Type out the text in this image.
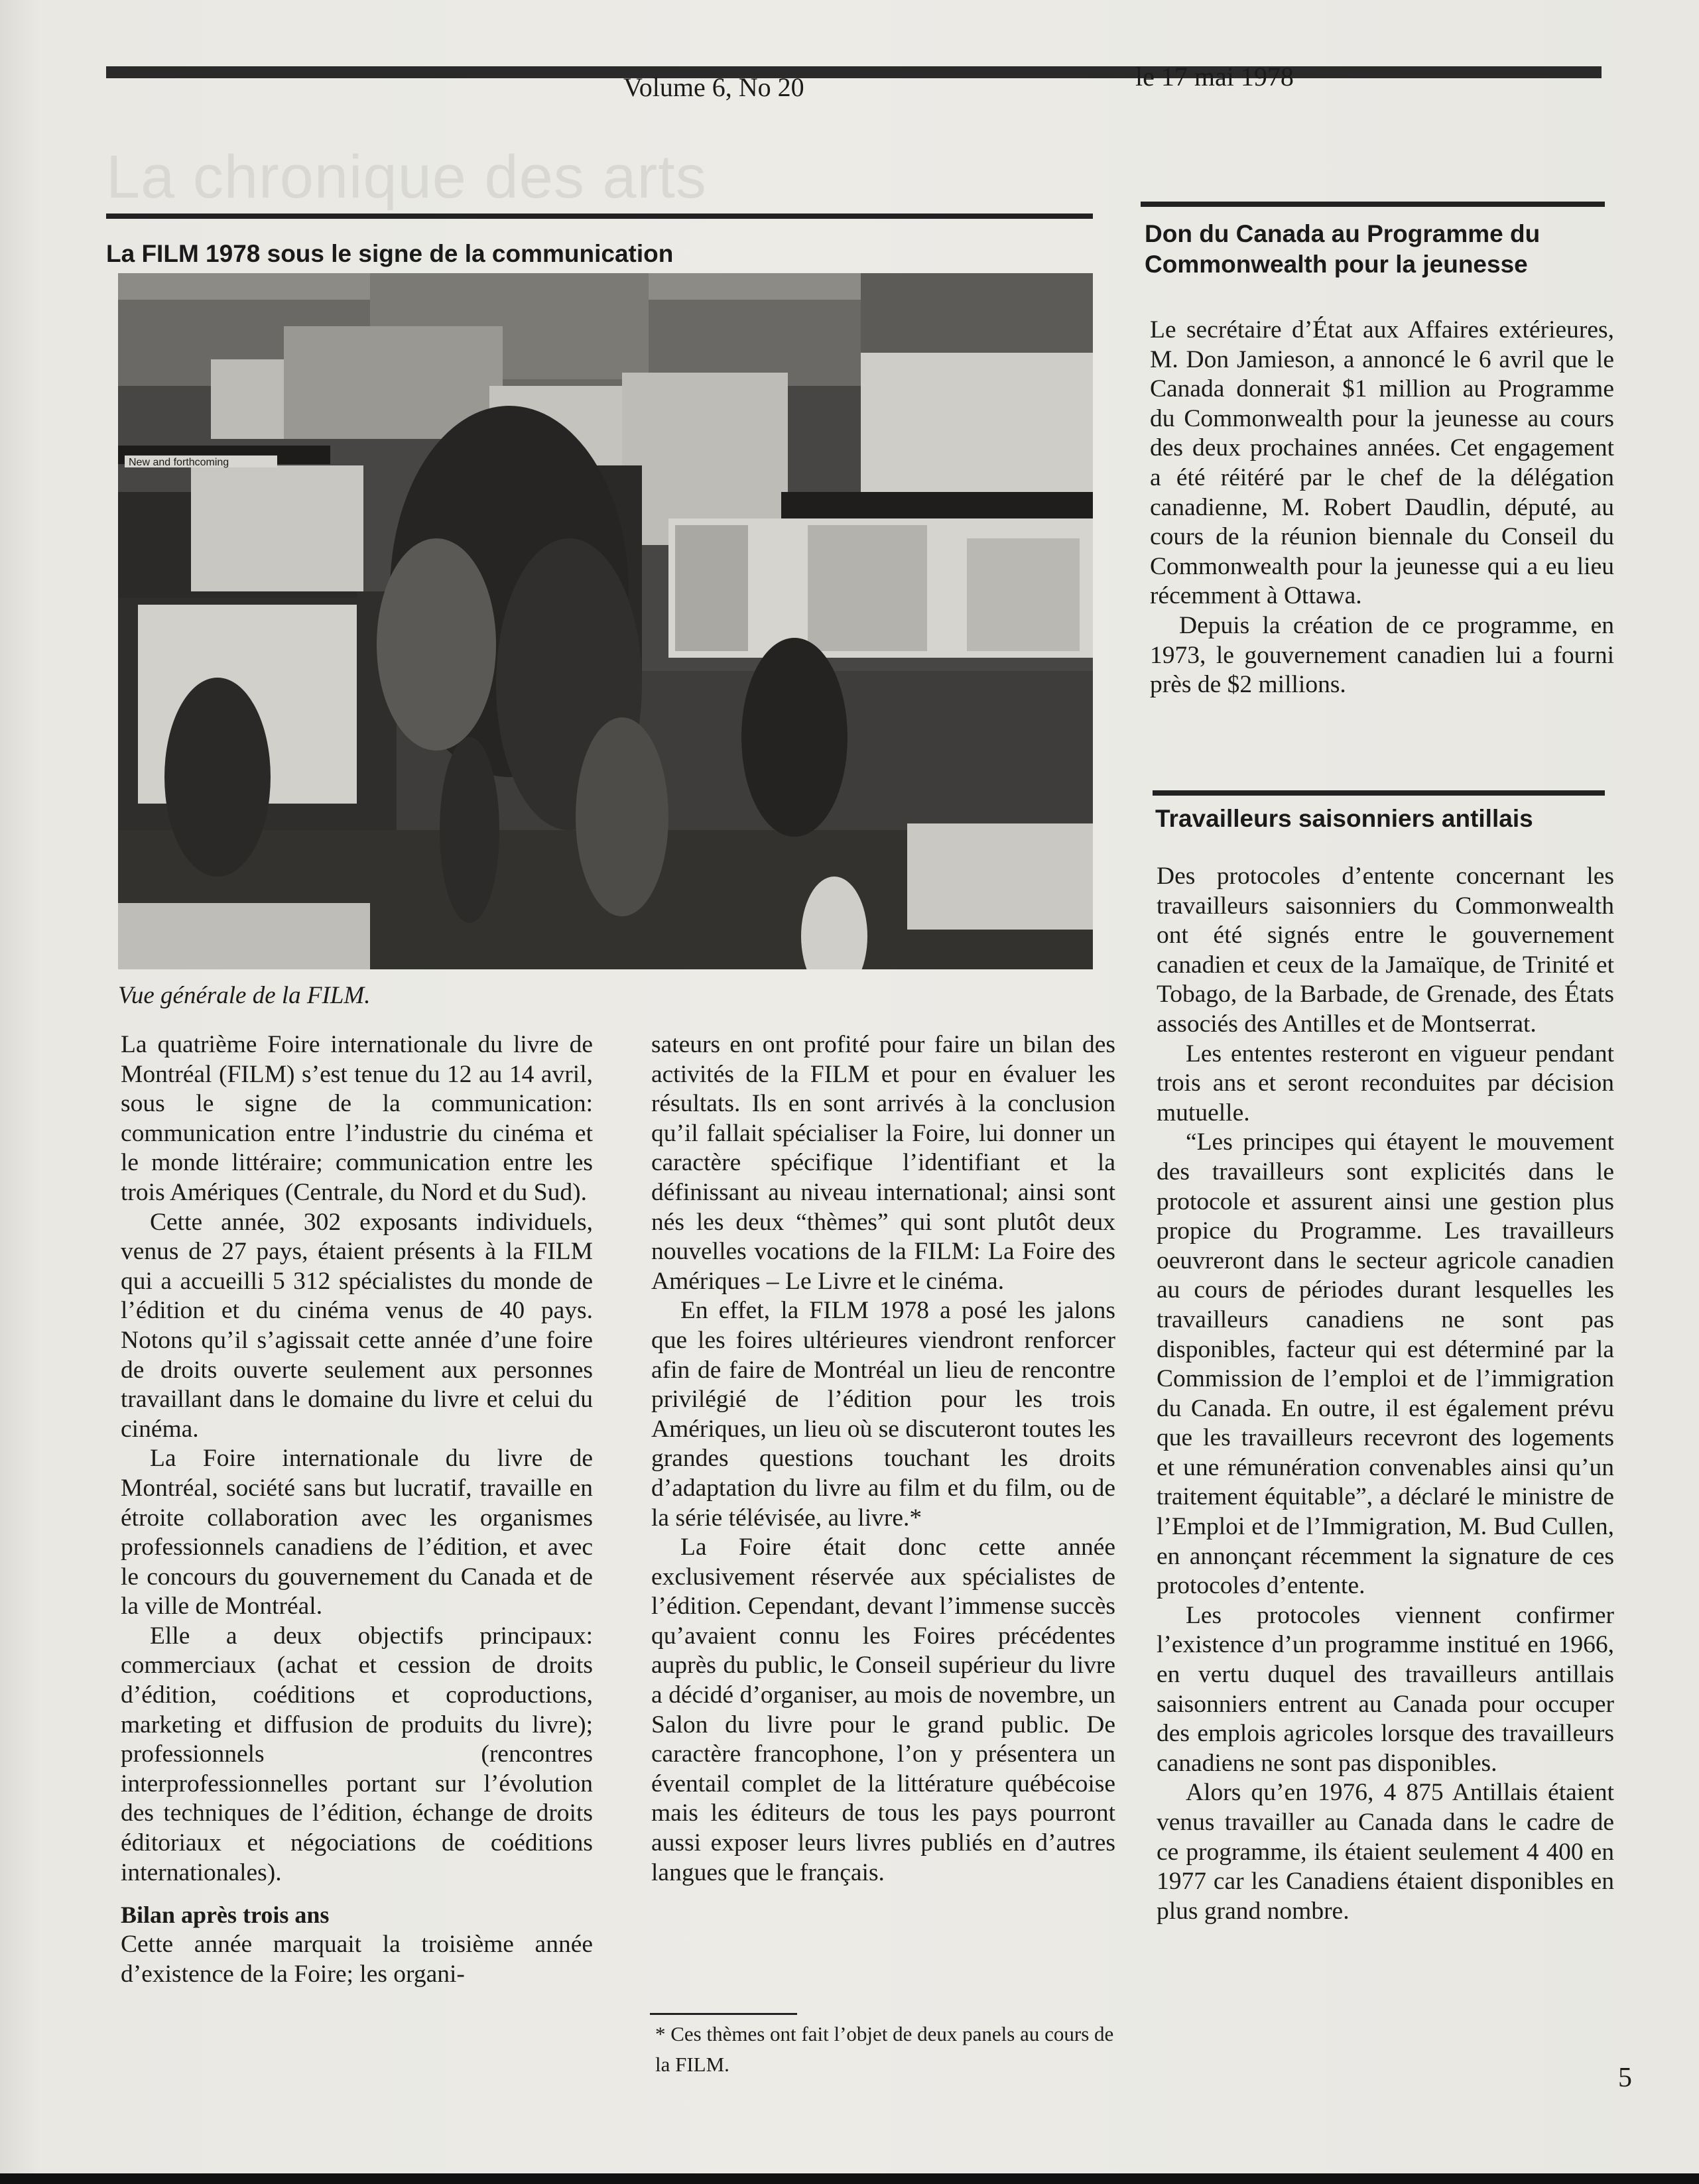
Volume 6, No 20	le 17 mai 1978
La chronique des arts
La FILM 1978 sous le signe de la communication
New and forthcoming
Vue générale de la FILM.

La quatrième Foire internationale du livre de Montréal (FILM) s’est tenue du 12 au 14 avril, sous le signe de la communication: communication entre l’industrie du cinéma et le monde littéraire; communication entre les trois Amériques (Centrale, du Nord et du Sud).

Cette année, 302 exposants individuels, venus de 27 pays, étaient présents à la FILM qui a accueilli 5 312 spécialistes du monde de l’édition et du cinéma venus de 40 pays. Notons qu’il s’agissait cette année d’une foire de droits ouverte seulement aux personnes travaillant dans le domaine du livre et celui du cinéma.

La Foire internationale du livre de Montréal, société sans but lucratif, travaille en étroite collaboration avec les organismes professionnels canadiens de l’édition, et avec le concours du gouvernement du Canada et de la ville de Montréal.

Elle a deux objectifs principaux: commerciaux (achat et cession de droits d’édition, coéditions et coproductions, marketing et diffusion de produits du livre); professionnels (rencontres interprofessionnelles portant sur l’évolution des techniques de l’édition, échange de droits éditoriaux et négociations de coéditions internationales).

Bilan après trois ans

Cette année marquait la troisième année d’existence de la Foire; les organi-

sateurs en ont profité pour faire un bilan des activités de la FILM et pour en évaluer les résultats. Ils en sont arrivés à la conclusion qu’il fallait spécialiser la Foire, lui donner un caractère spécifique l’identifiant et la définissant au niveau international; ainsi sont nés les deux “thèmes” qui sont plutôt deux nouvelles vocations de la FILM: La Foire des Amériques – Le Livre et le cinéma.

En effet, la FILM 1978 a posé les jalons que les foires ultérieures viendront renforcer afin de faire de Montréal un lieu de rencontre privilégié de l’édition pour les trois Amériques, un lieu où se discuteront toutes les grandes questions touchant les droits d’adaptation du livre au film et du film, ou de la série télévisée, au livre.*

La Foire était donc cette année exclusivement réservée aux spécialistes de l’édition. Cependant, devant l’immense succès qu’avaient connu les Foires précédentes auprès du public, le Conseil supérieur du livre a décidé d’organiser, au mois de novembre, un Salon du livre pour le grand public. De caractère francophone, l’on y présentera un éventail complet de la littérature québécoise mais les éditeurs de tous les pays pourront aussi exposer leurs livres publiés en d’autres langues que le français.

* Ces thèmes ont fait l’objet de deux panels au cours de la FILM.
Don du Canada au Programme du
Commonwealth pour la jeunesse

Le secrétaire d’État aux Affaires extérieures, M. Don Jamieson, a annoncé le 6 avril que le Canada donnerait $1 million au Programme du Commonwealth pour la jeunesse au cours des deux prochaines années. Cet engagement a été réitéré par le chef de la délégation canadienne, M. Robert Daudlin, député, au cours de la réunion biennale du Conseil du Commonwealth pour la jeunesse qui a eu lieu récemment à Ottawa.

Depuis la création de ce programme, en 1973, le gouvernement canadien lui a fourni près de $2 millions.

Travailleurs saisonniers antillais

Des protocoles d’entente concernant les travailleurs saisonniers du Commonwealth ont été signés entre le gouvernement canadien et ceux de la Jamaïque, de Trinité et Tobago, de la Barbade, de Grenade, des États associés des Antilles et de Montserrat.

Les ententes resteront en vigueur pendant trois ans et seront reconduites par décision mutuelle.

“Les principes qui étayent le mouvement des travailleurs sont explicités dans le protocole et assurent ainsi une gestion plus propice du Programme. Les travailleurs oeuvreront dans le secteur agricole canadien au cours de périodes durant lesquelles les travailleurs canadiens ne sont pas disponibles, facteur qui est déterminé par la Commission de l’emploi et de l’immigration du Canada. En outre, il est également prévu que les travailleurs recevront des logements et une rémunération convenables ainsi qu’un traitement équitable”, a déclaré le ministre de l’Emploi et de l’Immigration, M. Bud Cullen, en annonçant récemment la signature de ces protocoles d’entente.

Les protocoles viennent confirmer l’existence d’un programme institué en 1966, en vertu duquel des travailleurs antillais saisonniers entrent au Canada pour occuper des emplois agricoles lorsque des travailleurs canadiens ne sont pas disponibles.

Alors qu’en 1976, 4 875 Antillais étaient venus travailler au Canada dans le cadre de ce programme, ils étaient seulement 4 400 en 1977 car les Canadiens étaient disponibles en plus grand nombre.

5
